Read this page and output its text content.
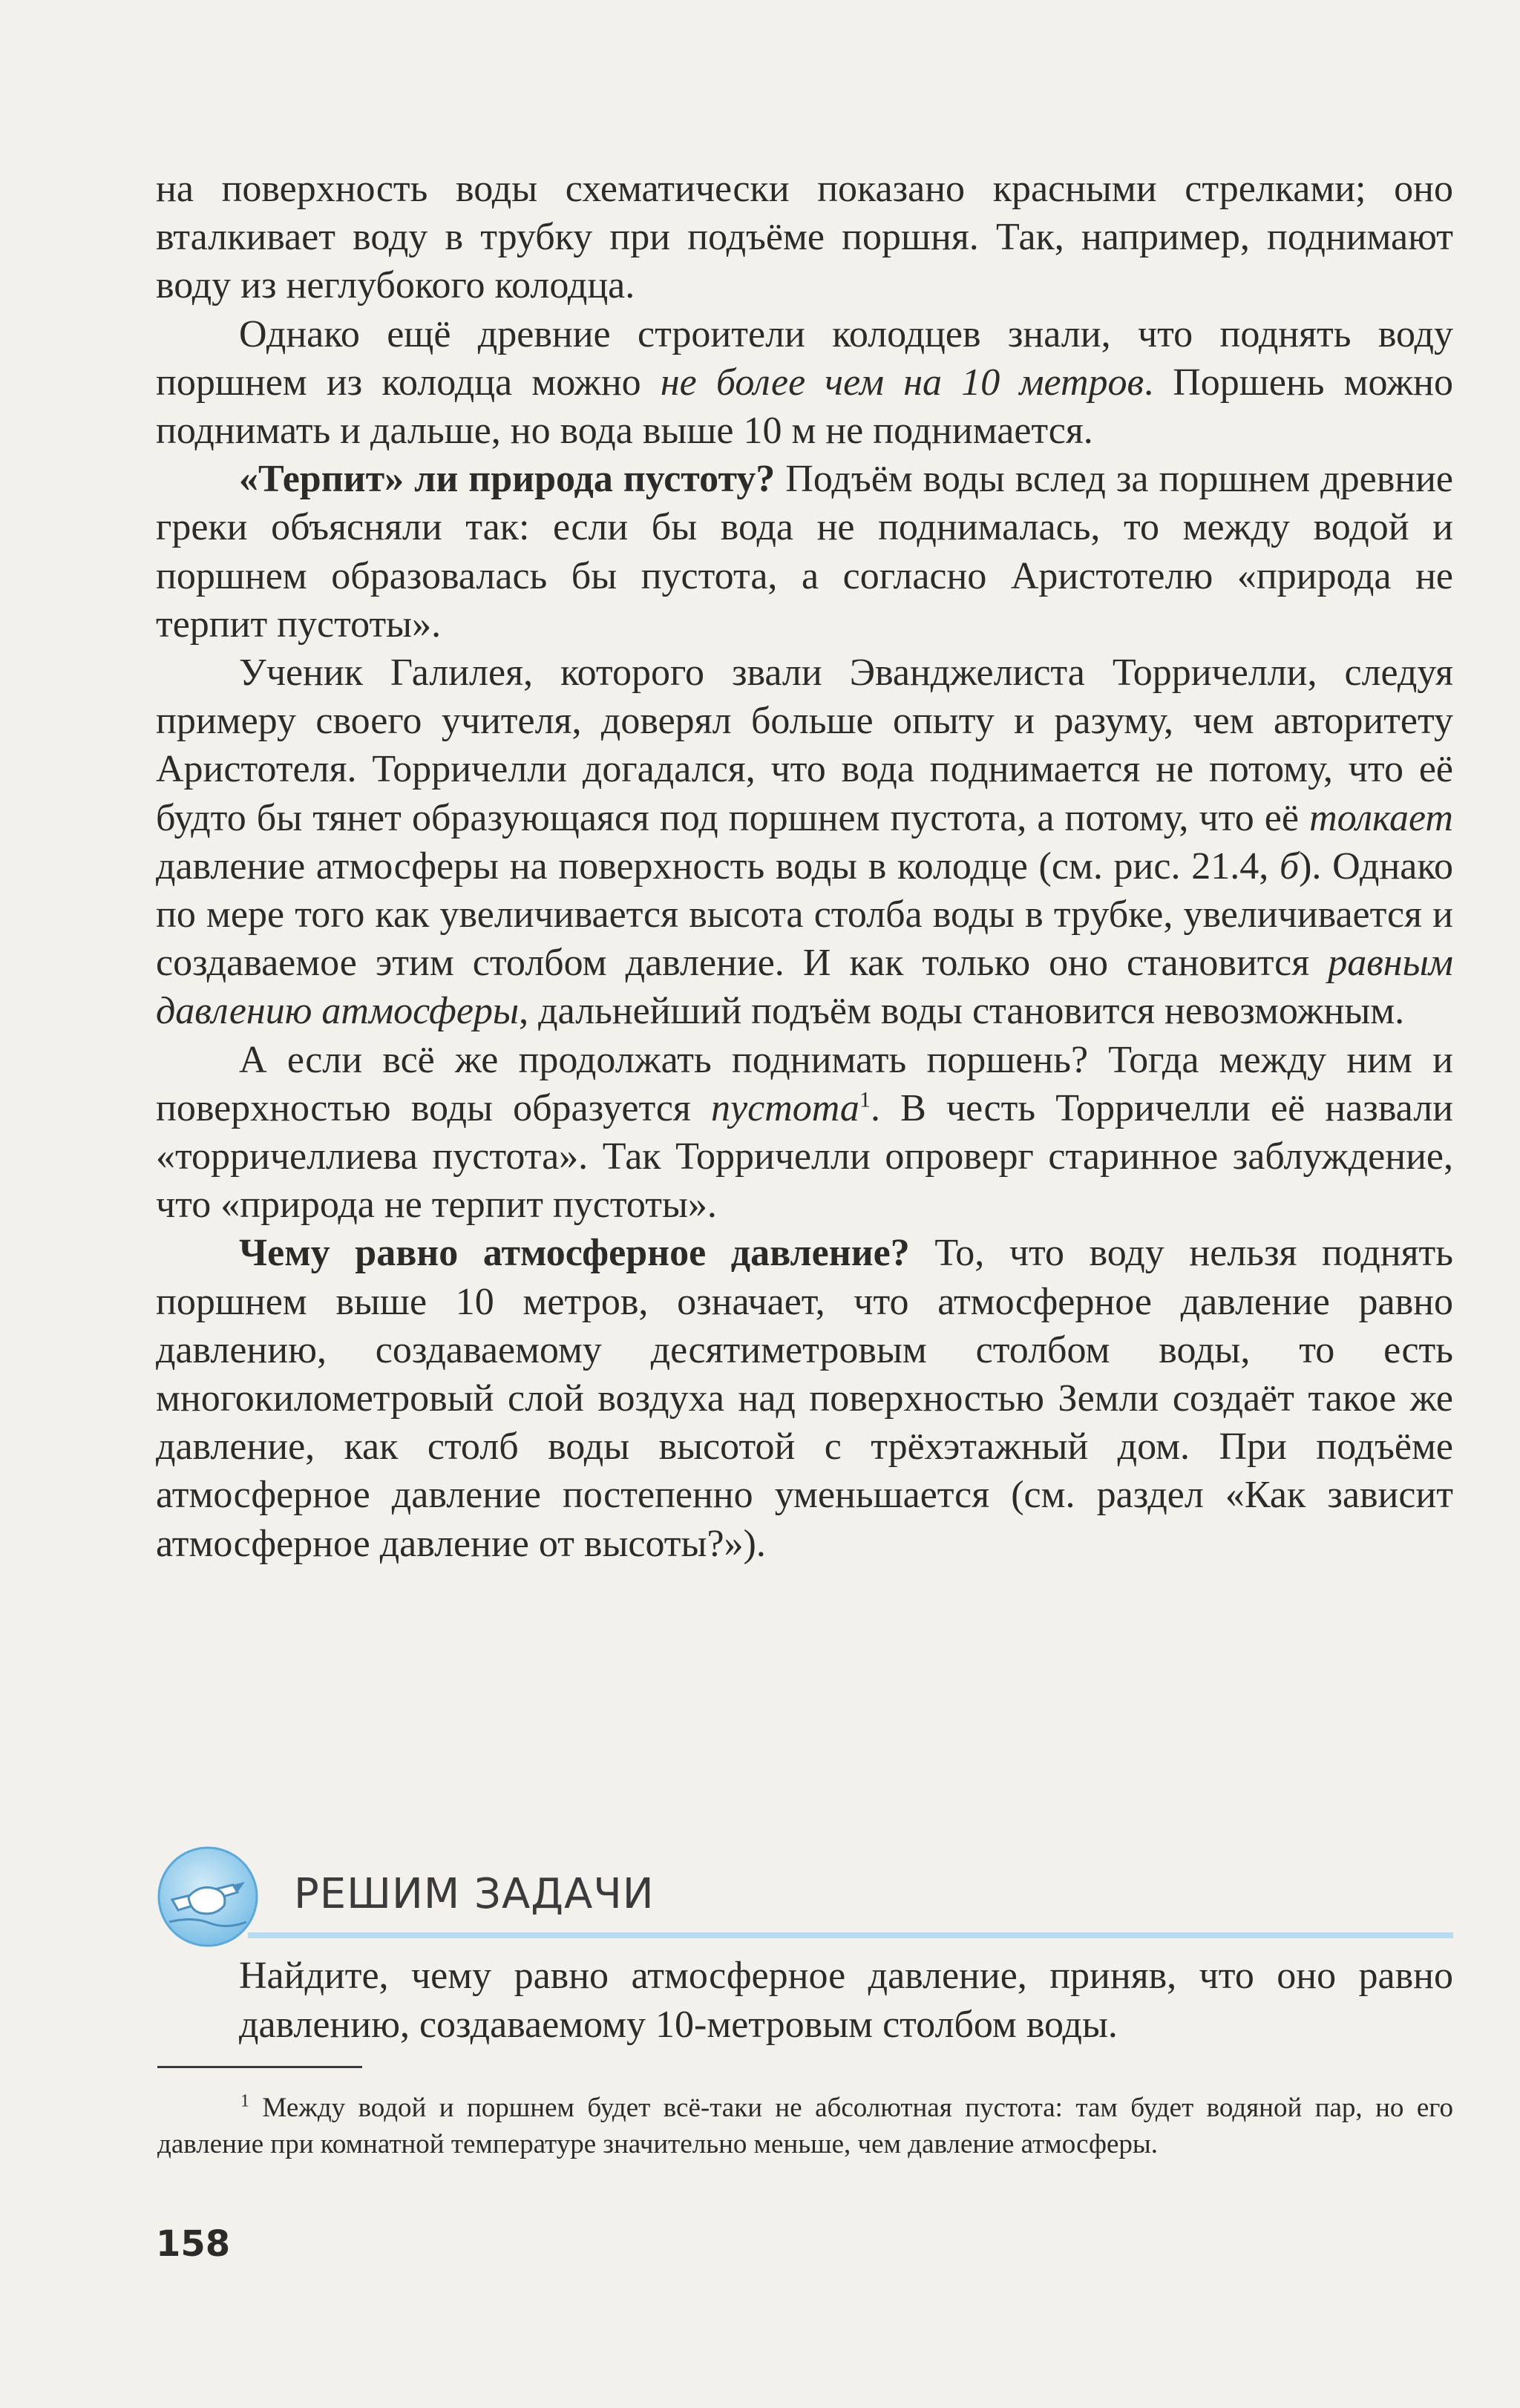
на поверхность воды схематически показано красными стрелками; оно вталкивает воду в трубку при подъёме поршня. Так, например, поднимают воду из неглубокого колодца.

Однако ещё древние строители колодцев знали, что поднять воду поршнем из колодца можно не более чем на 10 метров. Поршень можно поднимать и дальше, но вода выше 10 м не поднимается.

«Терпит» ли природа пустоту? Подъём воды вслед за поршнем древние греки объясняли так: если бы вода не поднималась, то между водой и поршнем образовалась бы пустота, а согласно Аристотелю «природа не терпит пустоты».

Ученик Галилея, которого звали Эванджелиста Торричелли, следуя примеру своего учителя, доверял больше опыту и разуму, чем авторитету Аристотеля. Торричелли догадался, что вода поднимается не потому, что её будто бы тянет образующаяся под поршнем пустота, а потому, что её толкает давление атмосферы на поверхность воды в колодце (см. рис. 21.4, б). Однако по мере того как увеличивается высота столба воды в трубке, увеличивается и создаваемое этим столбом давление. И как только оно становится равным давлению атмосферы, дальнейший подъём воды становится невозможным.

А если всё же продолжать поднимать поршень? Тогда между ним и поверхностью воды образуется пустота$^1$. В честь Торричелли её назвали «торричеллиева пустота». Так Торричелли опроверг старинное заблуждение, что «природа не терпит пустоты».

Чему равно атмосферное давление? То, что воду нельзя поднять поршнем выше 10 метров, означает, что атмосферное давление равно давлению, создаваемому десятиметровым столбом воды, то есть многокилометровый слой воздуха над поверхностью Земли создаёт такое же давление, как столб воды высотой с трёхэтажный дом. При подъёме атмосферное давление постепенно уменьшается (см. раздел «Как зависит атмосферное давление от высоты?»).

РЕШИМ ЗАДАЧИ

Найдите, чему равно атмосферное давление, приняв, что оно равно давлению, создаваемому 10-метровым столбом воды.

$^1$ Между водой и поршнем будет всё-таки не абсолютная пустота: там будет водяной пар, но его давление при комнатной температуре значительно меньше, чем давление атмосферы.

158
